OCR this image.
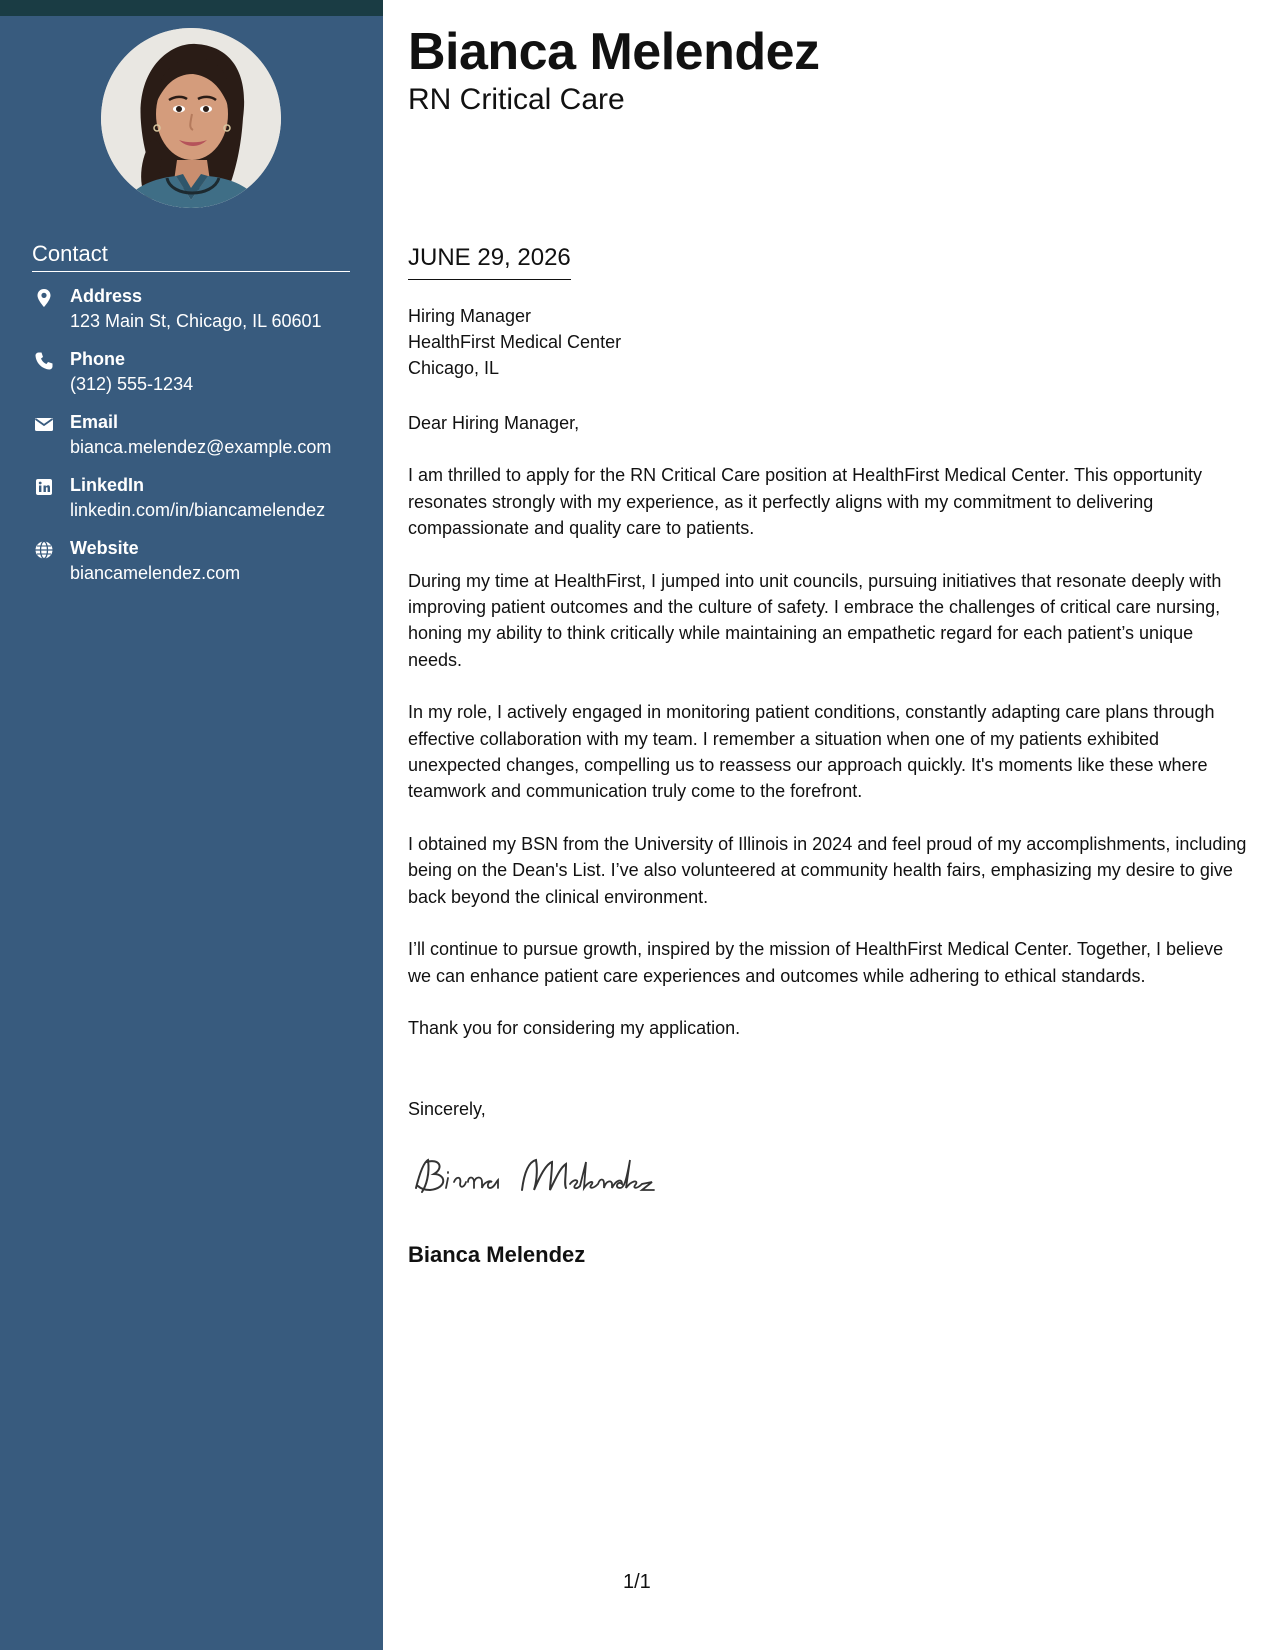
Contact
Address
123 Main St, Chicago, IL 60601
Phone
(312) 555-1234
Email
bianca.melendez@example.com
LinkedIn
linkedin.com/in/biancamelendez
Website
biancamelendez.com
Bianca Melendez
RN Critical Care
JUNE 29, 2026
Hiring Manager
HealthFirst Medical Center
Chicago, IL

Dear Hiring Manager,

I am thrilled to apply for the RN Critical Care position at HealthFirst Medical Center. This opportunity resonates strongly with my experience, as it perfectly aligns with my commitment to delivering compassionate and quality care to patients.

During my time at HealthFirst, I jumped into unit councils, pursuing initiatives that resonate deeply with improving patient outcomes and the culture of safety. I embrace the challenges of critical care nursing, honing my ability to think critically while maintaining an empathetic regard for each patient’s unique needs.

In my role, I actively engaged in monitoring patient conditions, constantly adapting care plans through effective collaboration with my team. I remember a situation when one of my patients exhibited unexpected changes, compelling us to reassess our approach quickly. It's moments like these where teamwork and communication truly come to the forefront.

I obtained my BSN from the University of Illinois in 2024 and feel proud of my accomplishments, including being on the Dean's List. I’ve also volunteered at community health fairs, emphasizing my desire to give back beyond the clinical environment.

I’ll continue to pursue growth, inspired by the mission of HealthFirst Medical Center. Together, I believe we can enhance patient care experiences and outcomes while adhering to ethical standards.

Thank you for considering my application.

Sincerely,
Bianca Melendez
1/1
